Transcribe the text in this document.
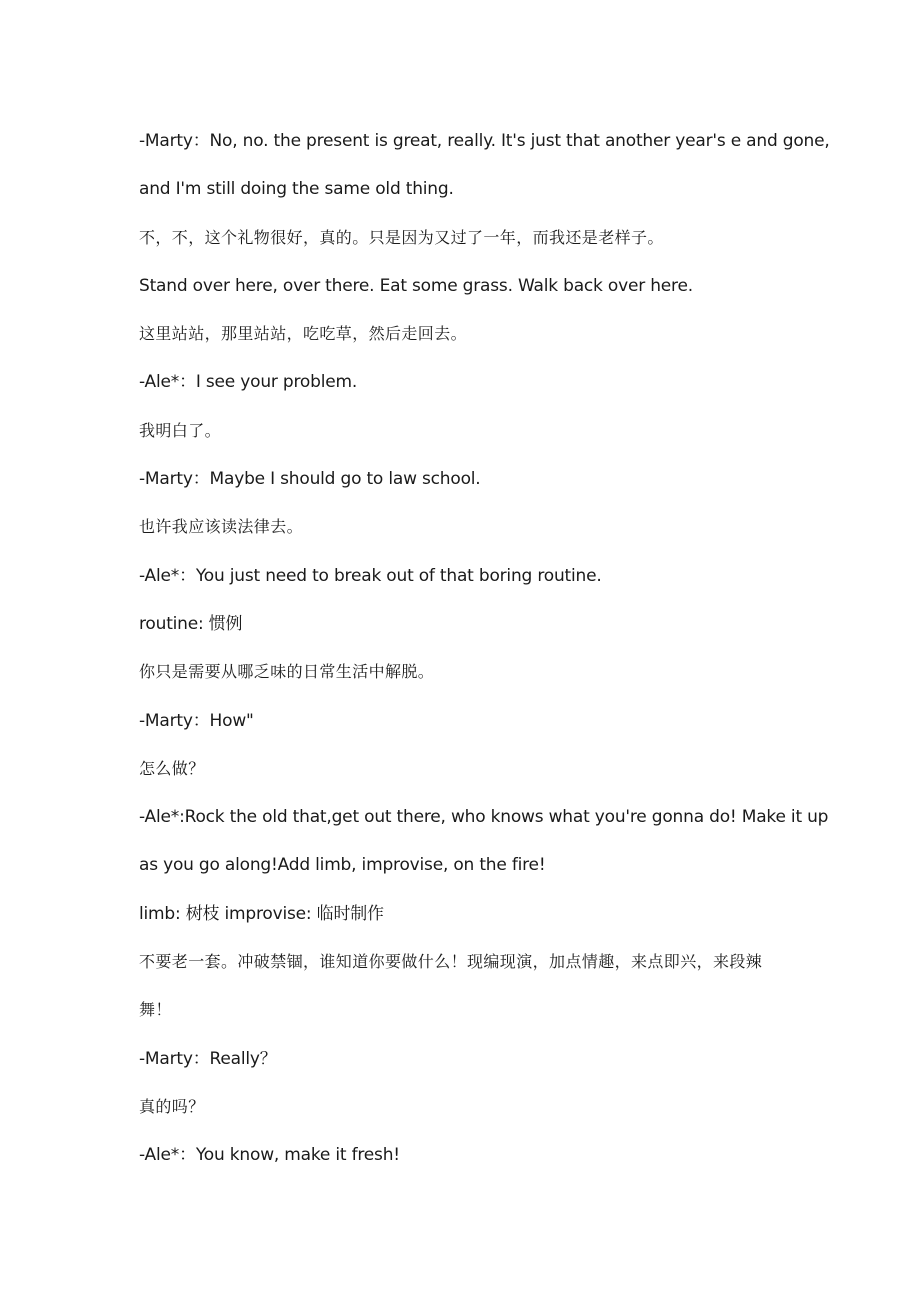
-Marty：No, no. the present is great, really. It's just that another year's e and gone,

and I'm still doing the same old thing.

不，不，这个礼物很好，真的。只是因为又过了一年，而我还是老样子。

Stand over here, over there. Eat some grass. Walk back over here.

这里站站，那里站站，吃吃草，然后走回去。

-Ale*：I see your problem.

我明白了。

-Marty：Maybe I should go to law school.

也许我应该读法律去。

-Ale*：You just need to break out of that boring routine.

routine: 惯例

你只是需要从哪乏味的日常生活中解脱。

-Marty：How"

怎么做？

-Ale*:Rock the old that,get out there, who knows what you're gonna do! Make it up

as you go along!Add limb, improvise, on the fire!

limb: 树枝 improvise: 临时制作

不要老一套。冲破禁锢，谁知道你要做什么！现编现演，加点情趣，来点即兴，来段辣

舞！

-Marty：Really？

真的吗？

-Ale*：You know, make it fresh!
